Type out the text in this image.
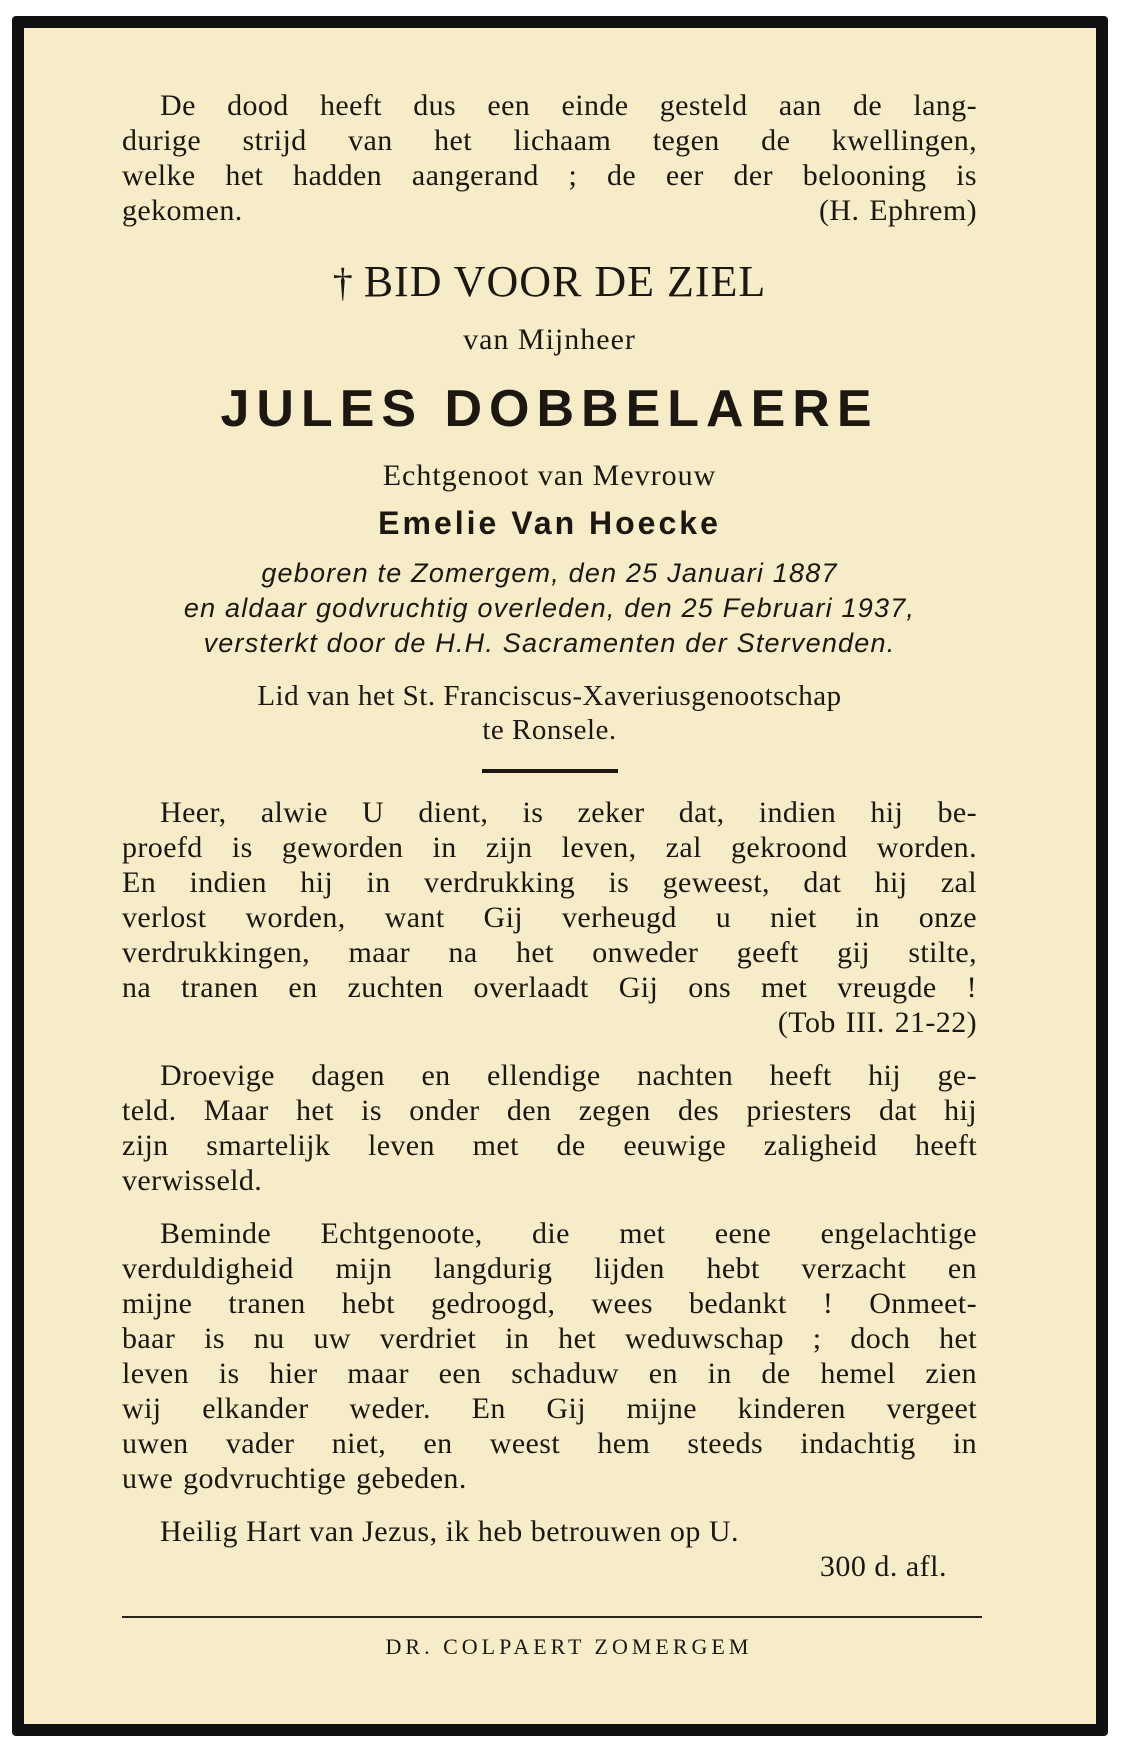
De dood heeft dus een einde gesteld aan de lang-
durige strijd van het lichaam tegen de kwellingen,
welke het hadden aangerand ; de eer der belooning is
gekomen.	(H. Ephrem)
† BID VOOR DE ZIEL
van Mijnheer
JULES DOBBELAERE
Echtgenoot van Mevrouw
Emelie Van Hoecke
geboren te Zomergem, den 25 Januari 1887
en aldaar godvruchtig overleden, den 25 Februari 1937,
versterkt door de H.H. Sacramenten der Stervenden.
Lid van het St. Franciscus-Xaveriusgenootschap
te Ronsele.
Heer, alwie U dient, is zeker dat, indien hij be-
proefd is geworden in zijn leven, zal gekroond worden.
En indien hij in verdrukking is geweest, dat hij zal
verlost worden, want Gij verheugd u niet in onze
verdrukkingen, maar na het onweder geeft gij stilte,
na tranen en zuchten overlaadt Gij ons met vreugde !
(Tob III. 21-22)
Droevige dagen en ellendige nachten heeft hij ge-
teld. Maar het is onder den zegen des priesters dat hij
zijn smartelijk leven met de eeuwige zaligheid heeft
verwisseld.
Beminde Echtgenoote, die met eene engelachtige
verduldigheid mijn langdurig lijden hebt verzacht en
mijne tranen hebt gedroogd, wees bedankt ! Onmeet-
baar is nu uw verdriet in het weduwschap ; doch het
leven is hier maar een schaduw en in de hemel zien
wij elkander weder. En Gij mijne kinderen vergeet
uwen vader niet, en weest hem steeds indachtig in
uwe godvruchtige gebeden.
Heilig Hart van Jezus, ik heb betrouwen op U.
300 d. afl.
DR. COLPAERT ZOMERGEM
